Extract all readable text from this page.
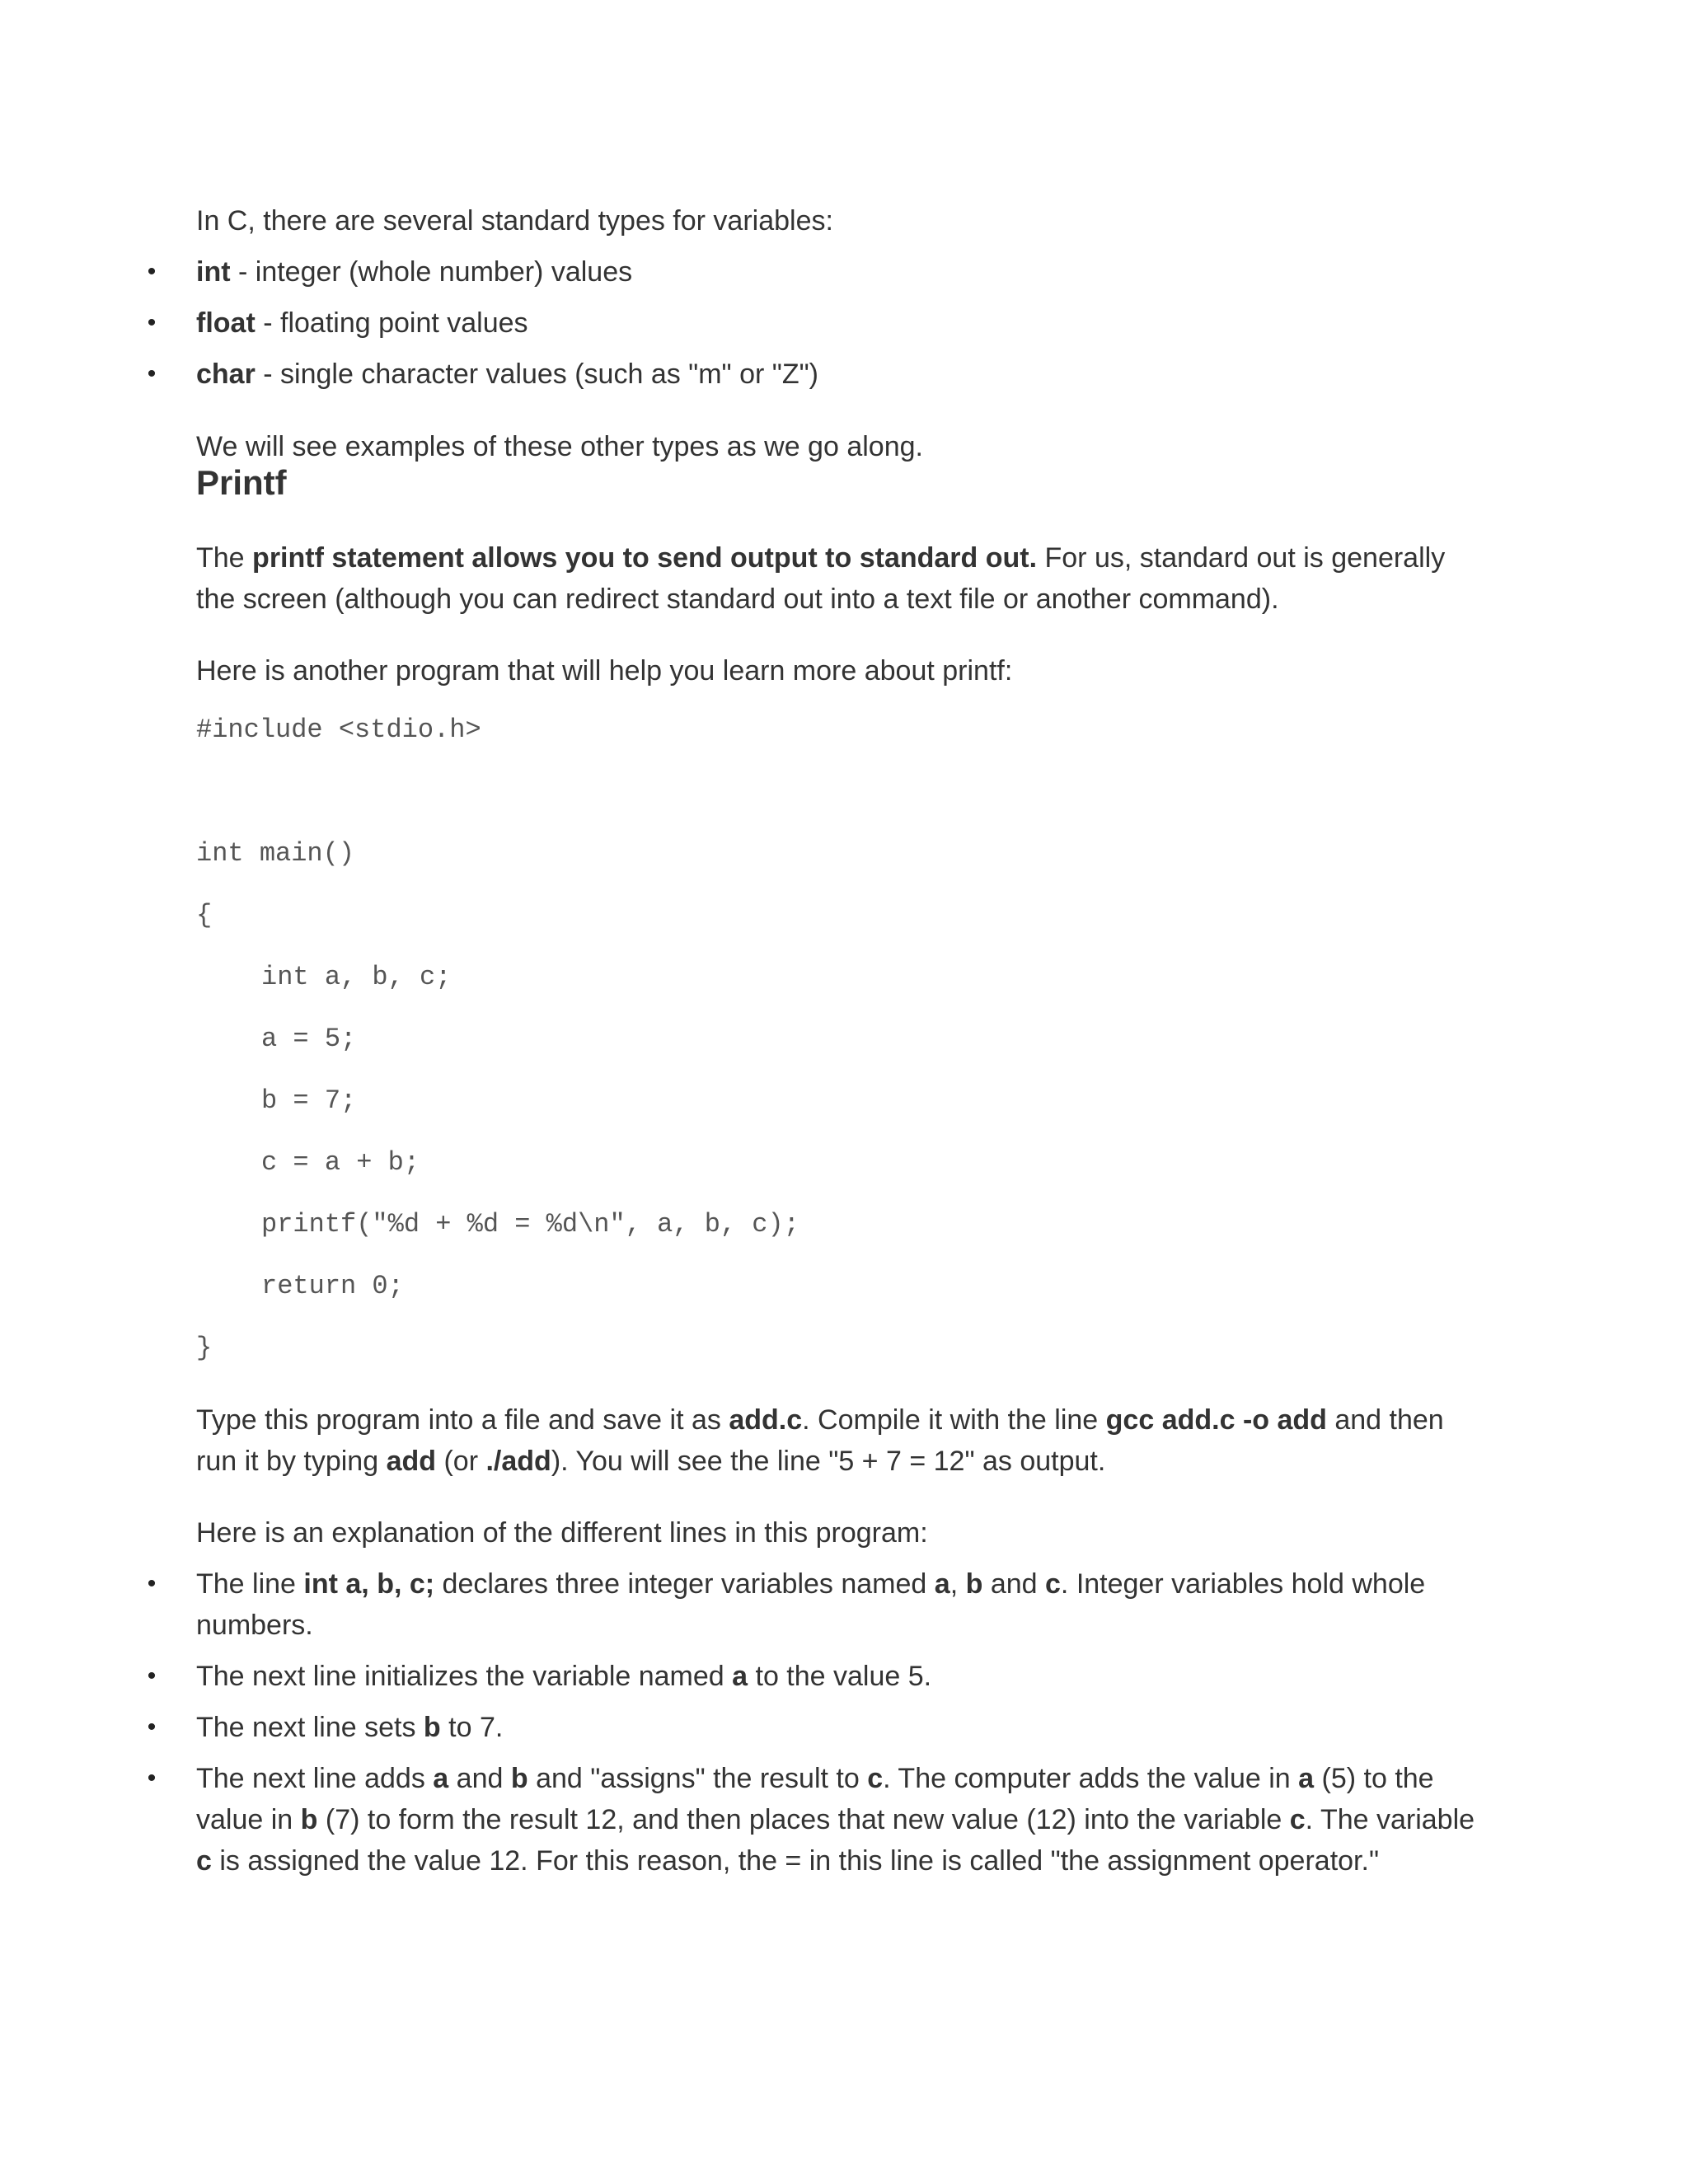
In C, there are several standard types for variables:

• int - integer (whole number) values

• float - floating point values

• char - single character values (such as "m" or "Z")

We will see examples of these other types as we go along.

Printf

The printf statement allows you to send output to standard out. For us, standard out is generally the screen (although you can redirect standard out into a text file or another command).

Here is another program that will help you learn more about printf:

#include <stdio.h>
int main()
{
int a, b, c;
a = 5;
b = 7;
c = a + b;
printf("%d + %d = %d\n", a, b, c);
return 0;
}

Type this program into a file and save it as add.c. Compile it with the line gcc add.c -o add and then run it by typing add (or ./add). You will see the line "5 + 7 = 12" as output.

Here is an explanation of the different lines in this program:

• The line int a, b, c; declares three integer variables named a, b and c. Integer variables hold whole numbers.

• The next line initializes the variable named a to the value 5.

• The next line sets b to 7.

• The next line adds a and b and "assigns" the result to c. The computer adds the value in a (5) to the value in b (7) to form the result 12, and then places that new value (12) into the variable c. The variable c is assigned the value 12. For this reason, the = in this line is called "the assignment operator."
